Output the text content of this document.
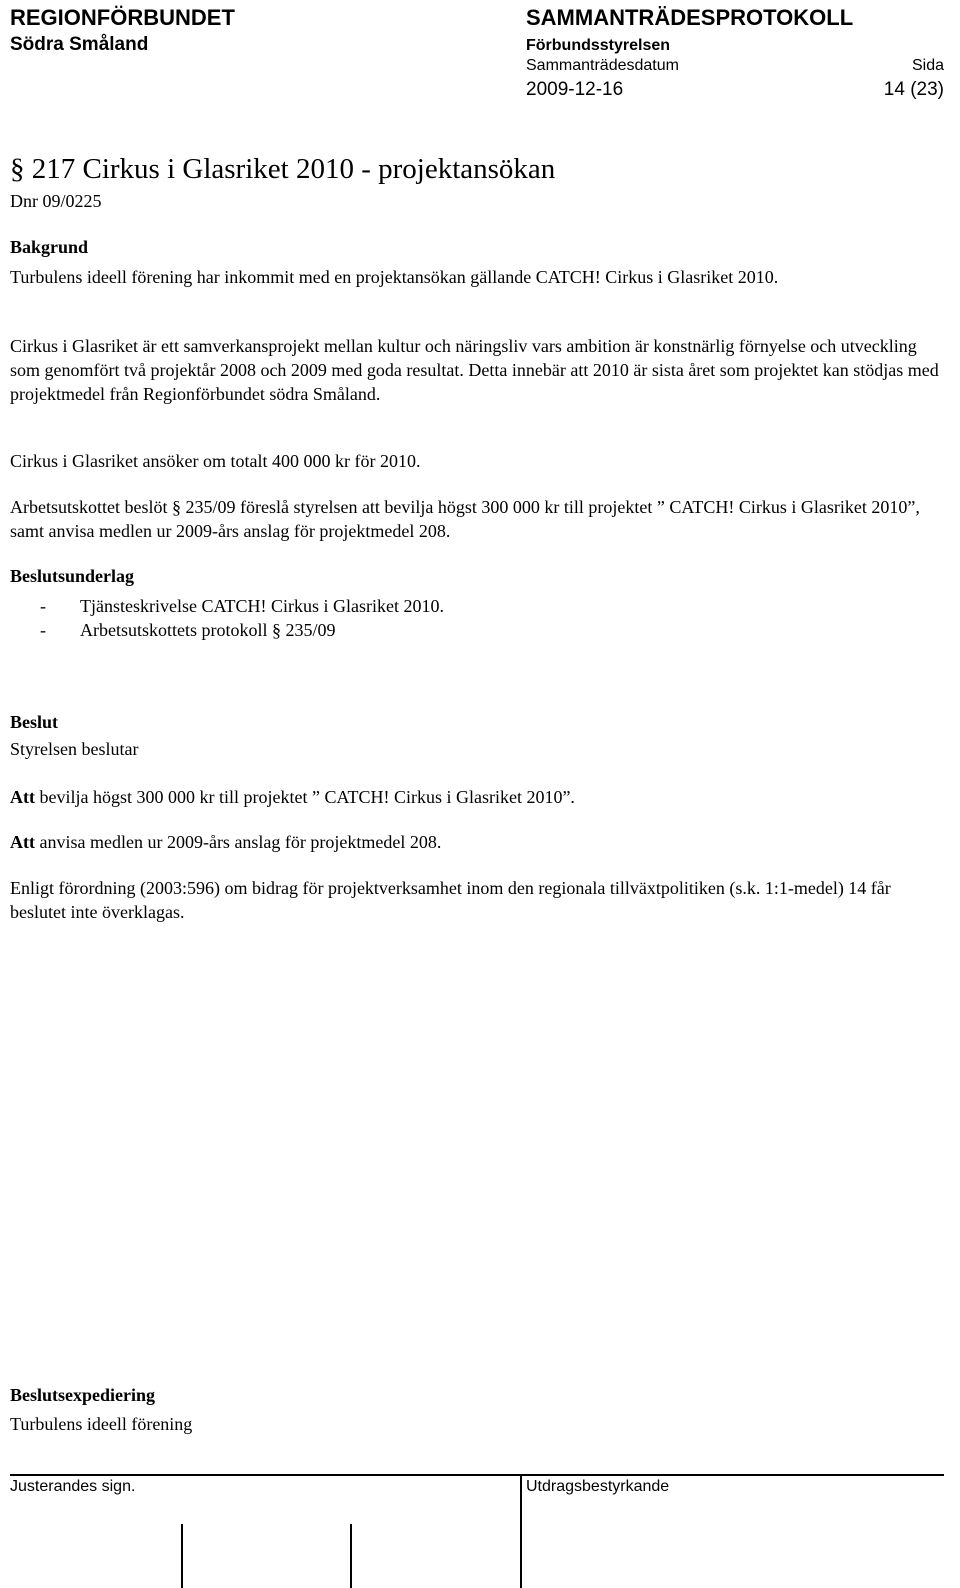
REGIONFÖRBUNDET
Södra Småland
SAMMANTRÄDESPROTOKOLL
Förbundsstyrelsen
Sammanträdesdatum	Sida
2009-12-16	14 (23)
§ 217 Cirkus i Glasriket 2010 - projektansökan
Dnr 09/0225
Bakgrund
Turbulens ideell förening har inkommit med en projektansökan gällande CATCH! Cirkus i Glasriket 2010.
Cirkus i Glasriket är ett samverkansprojekt mellan kultur och näringsliv vars ambition är konstnärlig förnyelse och utveckling som genomfört två projektår 2008 och 2009 med goda resultat. Detta innebär att 2010 är sista året som projektet kan stödjas med projektmedel från Regionförbundet södra Småland.
Cirkus i Glasriket ansöker om totalt 400 000 kr för 2010.
Arbetsutskottet beslöt § 235/09 föreslå styrelsen att bevilja högst 300 000 kr till projektet ” CATCH! Cirkus i Glasriket 2010”, samt anvisa medlen ur 2009-års anslag för projektmedel 208.
Beslutsunderlag
- Tjänsteskrivelse CATCH! Cirkus i Glasriket 2010.
- Arbetsutskottets protokoll § 235/09
Beslut
Styrelsen beslutar
Att bevilja högst 300 000 kr till projektet ” CATCH! Cirkus i Glasriket 2010”.
Att anvisa medlen ur 2009-års anslag för projektmedel 208.
Enligt förordning (2003:596) om bidrag för projektverksamhet inom den regionala tillväxtpolitiken (s.k. 1:1-medel) 14 får beslutet inte överklagas.
Beslutsexpediering
Turbulens ideell förening
Justerandes sign.	Utdragsbestyrkande
